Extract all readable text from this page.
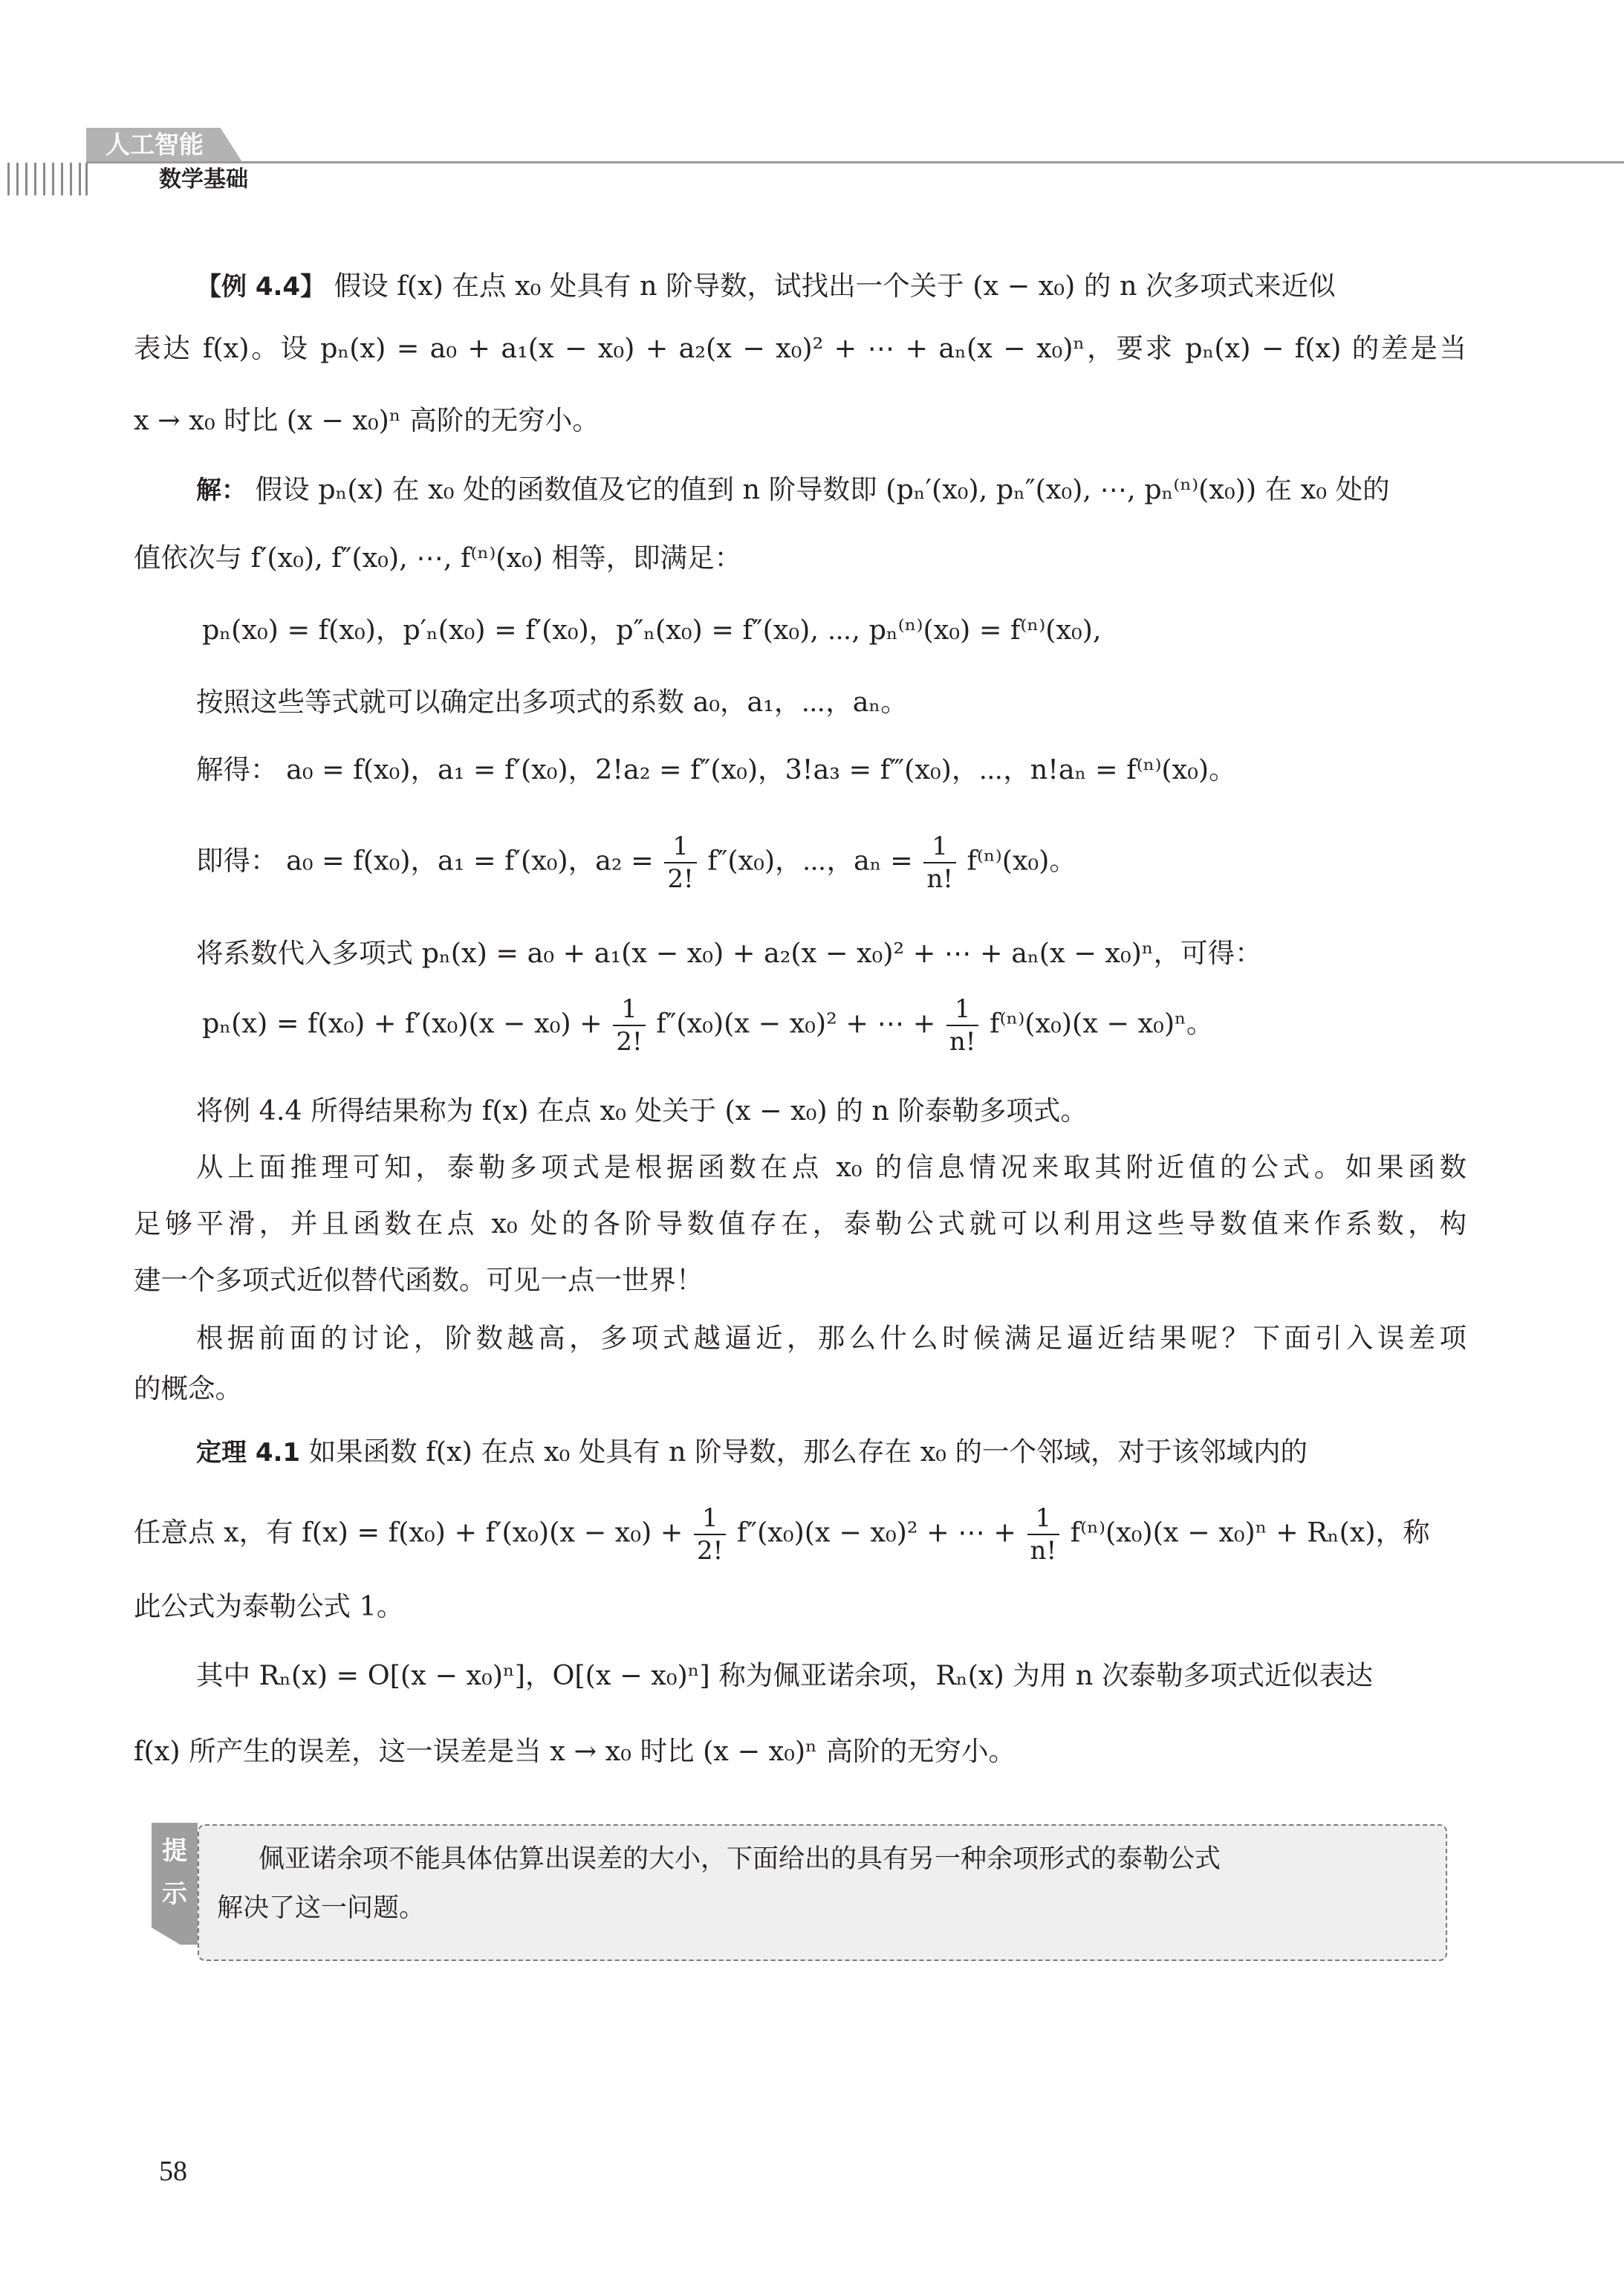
人工智能
数学基础
【例 4.4】 假设 f(x) 在点 x₀ 处具有 n 阶导数，试找出一个关于 (x − x₀) 的 n 次多项式来近似
表达 f(x)。设 pₙ(x) = a₀ + a₁(x − x₀) + a₂(x − x₀)² + ⋯ + aₙ(x − x₀)ⁿ，要求 pₙ(x) − f(x) 的差是当
x → x₀ 时比 (x − x₀)ⁿ 高阶的无穷小。
解： 假设 pₙ(x) 在 x₀ 处的函数值及它的值到 n 阶导数即 (pₙ′(x₀), pₙ″(x₀), ⋯, pₙ⁽ⁿ⁾(x₀)) 在 x₀ 处的
值依次与 f′(x₀), f″(x₀), ⋯, f⁽ⁿ⁾(x₀) 相等，即满足：
pₙ(x₀) = f(x₀)，p′ₙ(x₀) = f′(x₀)，p″ₙ(x₀) = f″(x₀), ⋯, pₙ⁽ⁿ⁾(x₀) = f⁽ⁿ⁾(x₀),
按照这些等式就可以确定出多项式的系数 a₀，a₁，⋯，aₙ。
解得： a₀ = f(x₀)，a₁ = f′(x₀)，2!a₂ = f″(x₀)，3!a₃ = f‴(x₀)，⋯，n!aₙ = f⁽ⁿ⁾(x₀)。
即得： a₀ = f(x₀)，a₁ = f′(x₀)，$a_2 = \frac{1}{2!} f''(x_0)$，⋯，$a_n = \frac{1}{n!} f^{(n)}(x_0)$。
将系数代入多项式 pₙ(x) = a₀ + a₁(x − x₀) + a₂(x − x₀)² + ⋯ + aₙ(x − x₀)ⁿ，可得：
$p_n(x) = f(x_0) + f'(x_0)(x - x_0) + \frac{1}{2!} f''(x_0)(x - x_0)^2$ + ⋯ + $\frac{1}{n!} f^{(n)}(x_0)(x - x_0)^n$。
将例 4.4 所得结果称为 f(x) 在点 x₀ 处关于 (x − x₀) 的 n 阶泰勒多项式。
从上面推理可知，泰勒多项式是根据函数在点 x₀ 的信息情况来取其附近值的公式。如果函数
足够平滑，并且函数在点 x₀ 处的各阶导数值存在，泰勒公式就可以利用这些导数值来作系数，构
建一个多项式近似替代函数。可见一点一世界！
根据前面的讨论，阶数越高，多项式越逼近，那么什么时候满足逼近结果呢？下面引入误差项
的概念。
定理 4.1 如果函数 f(x) 在点 x₀ 处具有 n 阶导数，那么存在 x₀ 的一个邻域，对于该邻域内的
任意点 x，有 $f(x) = f(x_0) + f'(x_0)(x - x_0) + \frac{1}{2!} f''(x_0)(x - x_0)^2$ + ⋯ + $\frac{1}{n!} f^{(n)}(x_0)(x - x_0)^n + R_n(x)$，称
此公式为泰勒公式 1。
其中 Rₙ(x) = O[(x − x₀)ⁿ]，O[(x − x₀)ⁿ] 称为佩亚诺余项，Rₙ(x) 为用 n 次泰勒多项式近似表达
f(x) 所产生的误差，这一误差是当 x → x₀ 时比 (x − x₀)ⁿ 高阶的无穷小。
提
示
佩亚诺余项不能具体估算出误差的大小，下面给出的具有另一种余项形式的泰勒公式
解决了这一问题。
58
